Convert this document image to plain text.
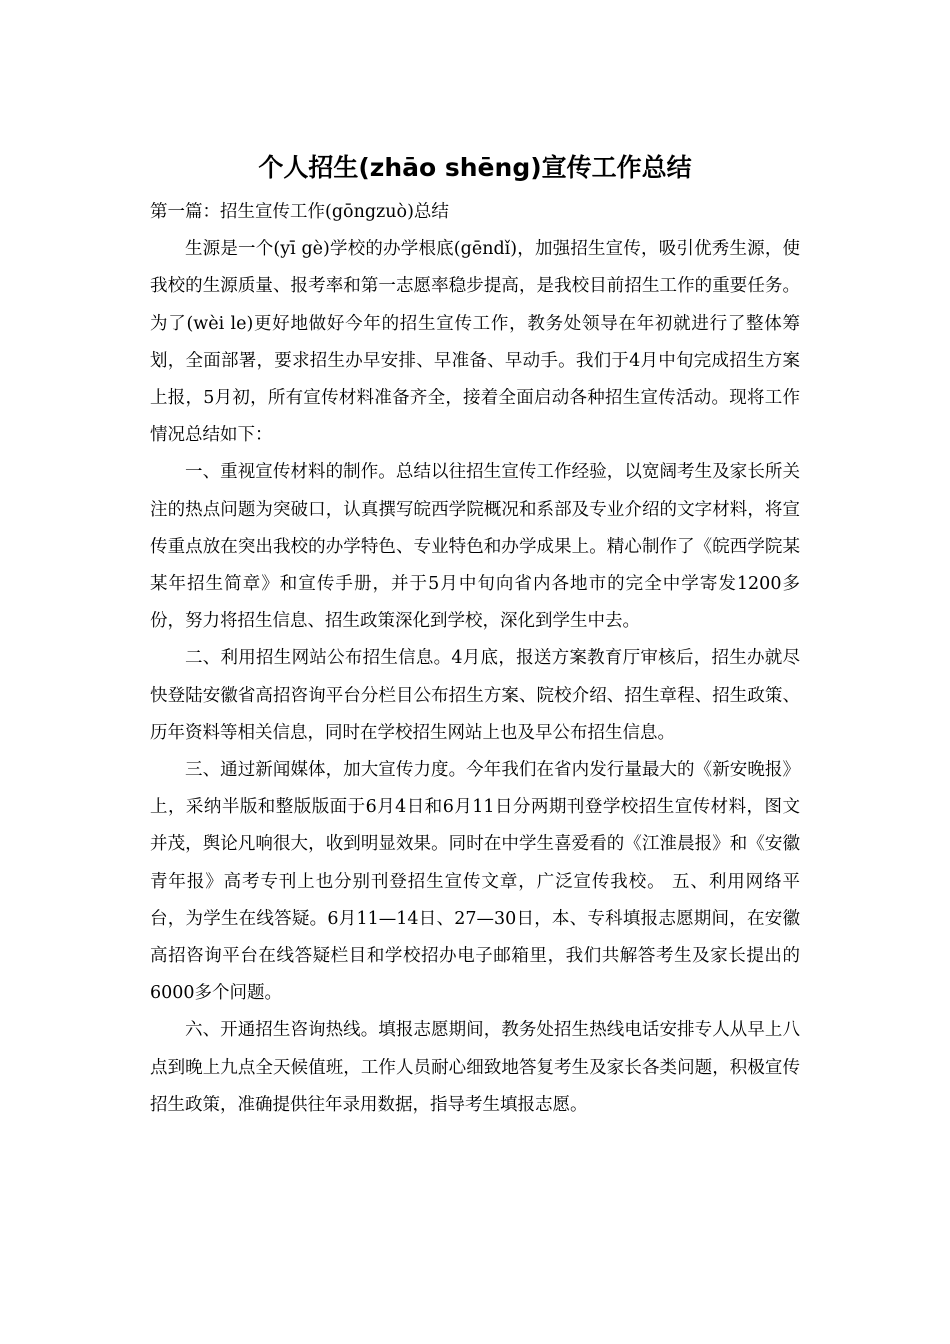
个人招生(zhāo shēng)宣传工作总结

第一篇：招生宣传工作(gōngzuò)总结

生源是一个(yī gè)学校的办学根底(gēndǐ)，加强招生宣传，吸引优秀生源，使我校的生源质量、报考率和第一志愿率稳步提高，是我校目前招生工作的重要任务。为了(wèi le)更好地做好今年的招生宣传工作，教务处领导在年初就进行了整体筹划，全面部署，要求招生办早安排、早准备、早动手。我们于4月中旬完成招生方案上报，5月初，所有宣传材料准备齐全，接着全面启动各种招生宣传活动。现将工作情况总结如下：

一、重视宣传材料的制作。总结以往招生宣传工作经验，以宽阔考生及家长所关注的热点问题为突破口，认真撰写皖西学院概况和系部及专业介绍的文字材料，将宣传重点放在突出我校的办学特色、专业特色和办学成果上。精心制作了《皖西学院某某年招生简章》和宣传手册，并于5月中旬向省内各地市的完全中学寄发1200多份，努力将招生信息、招生政策深化到学校，深化到学生中去。

二、利用招生网站公布招生信息。4月底，报送方案教育厅审核后，招生办就尽快登陆安徽省高招咨询平台分栏目公布招生方案、院校介绍、招生章程、招生政策、历年资料等相关信息，同时在学校招生网站上也及早公布招生信息。

三、通过新闻媒体，加大宣传力度。今年我们在省内发行量最大的《新安晚报》上，采纳半版和整版版面于6月4日和6月11日分两期刊登学校招生宣传材料，图文并茂，舆论凡响很大，收到明显效果。同时在中学生喜爱看的《江淮晨报》和《安徽青年报》高考专刊上也分别刊登招生宣传文章，广泛宣传我校。 五、利用网络平台，为学生在线答疑。6月11—14日、27—30日，本、专科填报志愿期间，在安徽高招咨询平台在线答疑栏目和学校招办电子邮箱里，我们共解答考生及家长提出的6000多个问题。

六、开通招生咨询热线。填报志愿期间，教务处招生热线电话安排专人从早上八点到晚上九点全天候值班，工作人员耐心细致地答复考生及家长各类问题，积极宣传招生政策，准确提供往年录用数据，指导考生填报志愿。
